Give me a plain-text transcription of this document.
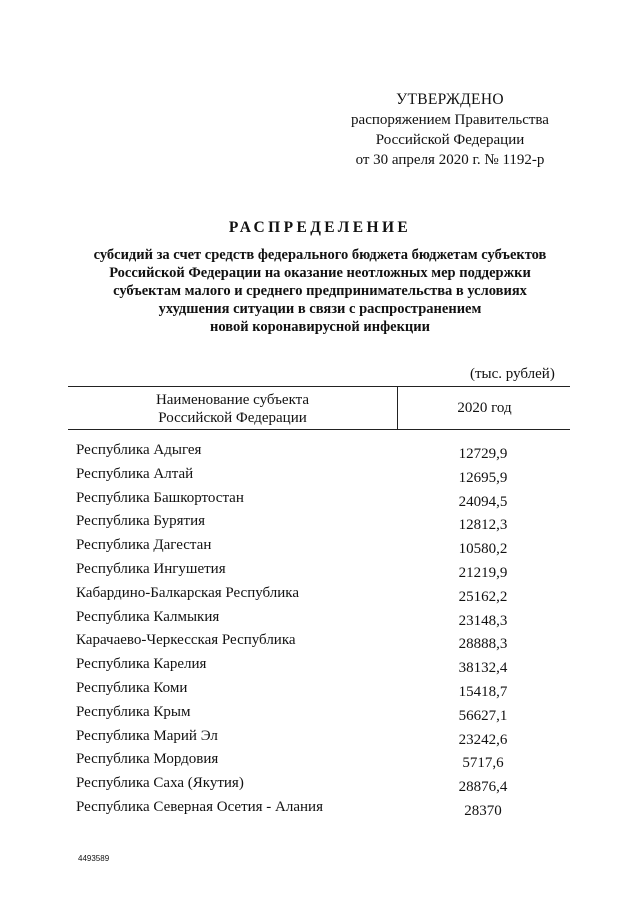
УТВЕРЖДЕНО
распоряжением Правительства
Российской Федерации
от 30 апреля 2020 г. № 1192-р
РАСПРЕДЕЛЕНИЕ
субсидий за счет средств федерального бюджета бюджетам субъектов
Российской Федерации на оказание неотложных мер поддержки
субъектам малого и среднего предпринимательства в условиях
ухудшения ситуации в связи с распространением
новой коронавирусной инфекции
(тыс. рублей)
Наименование субъекта
Российской Федерации
2020 год
Республика Адыгея	12729,9
Республика Алтай	12695,9
Республика Башкортостан	24094,5
Республика Бурятия	12812,3
Республика Дагестан	10580,2
Республика Ингушетия	21219,9
Кабардино-Балкарская Республика	25162,2
Республика Калмыкия	23148,3
Карачаево-Черкесская Республика	28888,3
Республика Карелия	38132,4
Республика Коми	15418,7
Республика Крым	56627,1
Республика Марий Эл	23242,6
Республика Мордовия	5717,6
Республика Саха (Якутия)	28876,4
Республика Северная Осетия - Алания	28370
4493589
